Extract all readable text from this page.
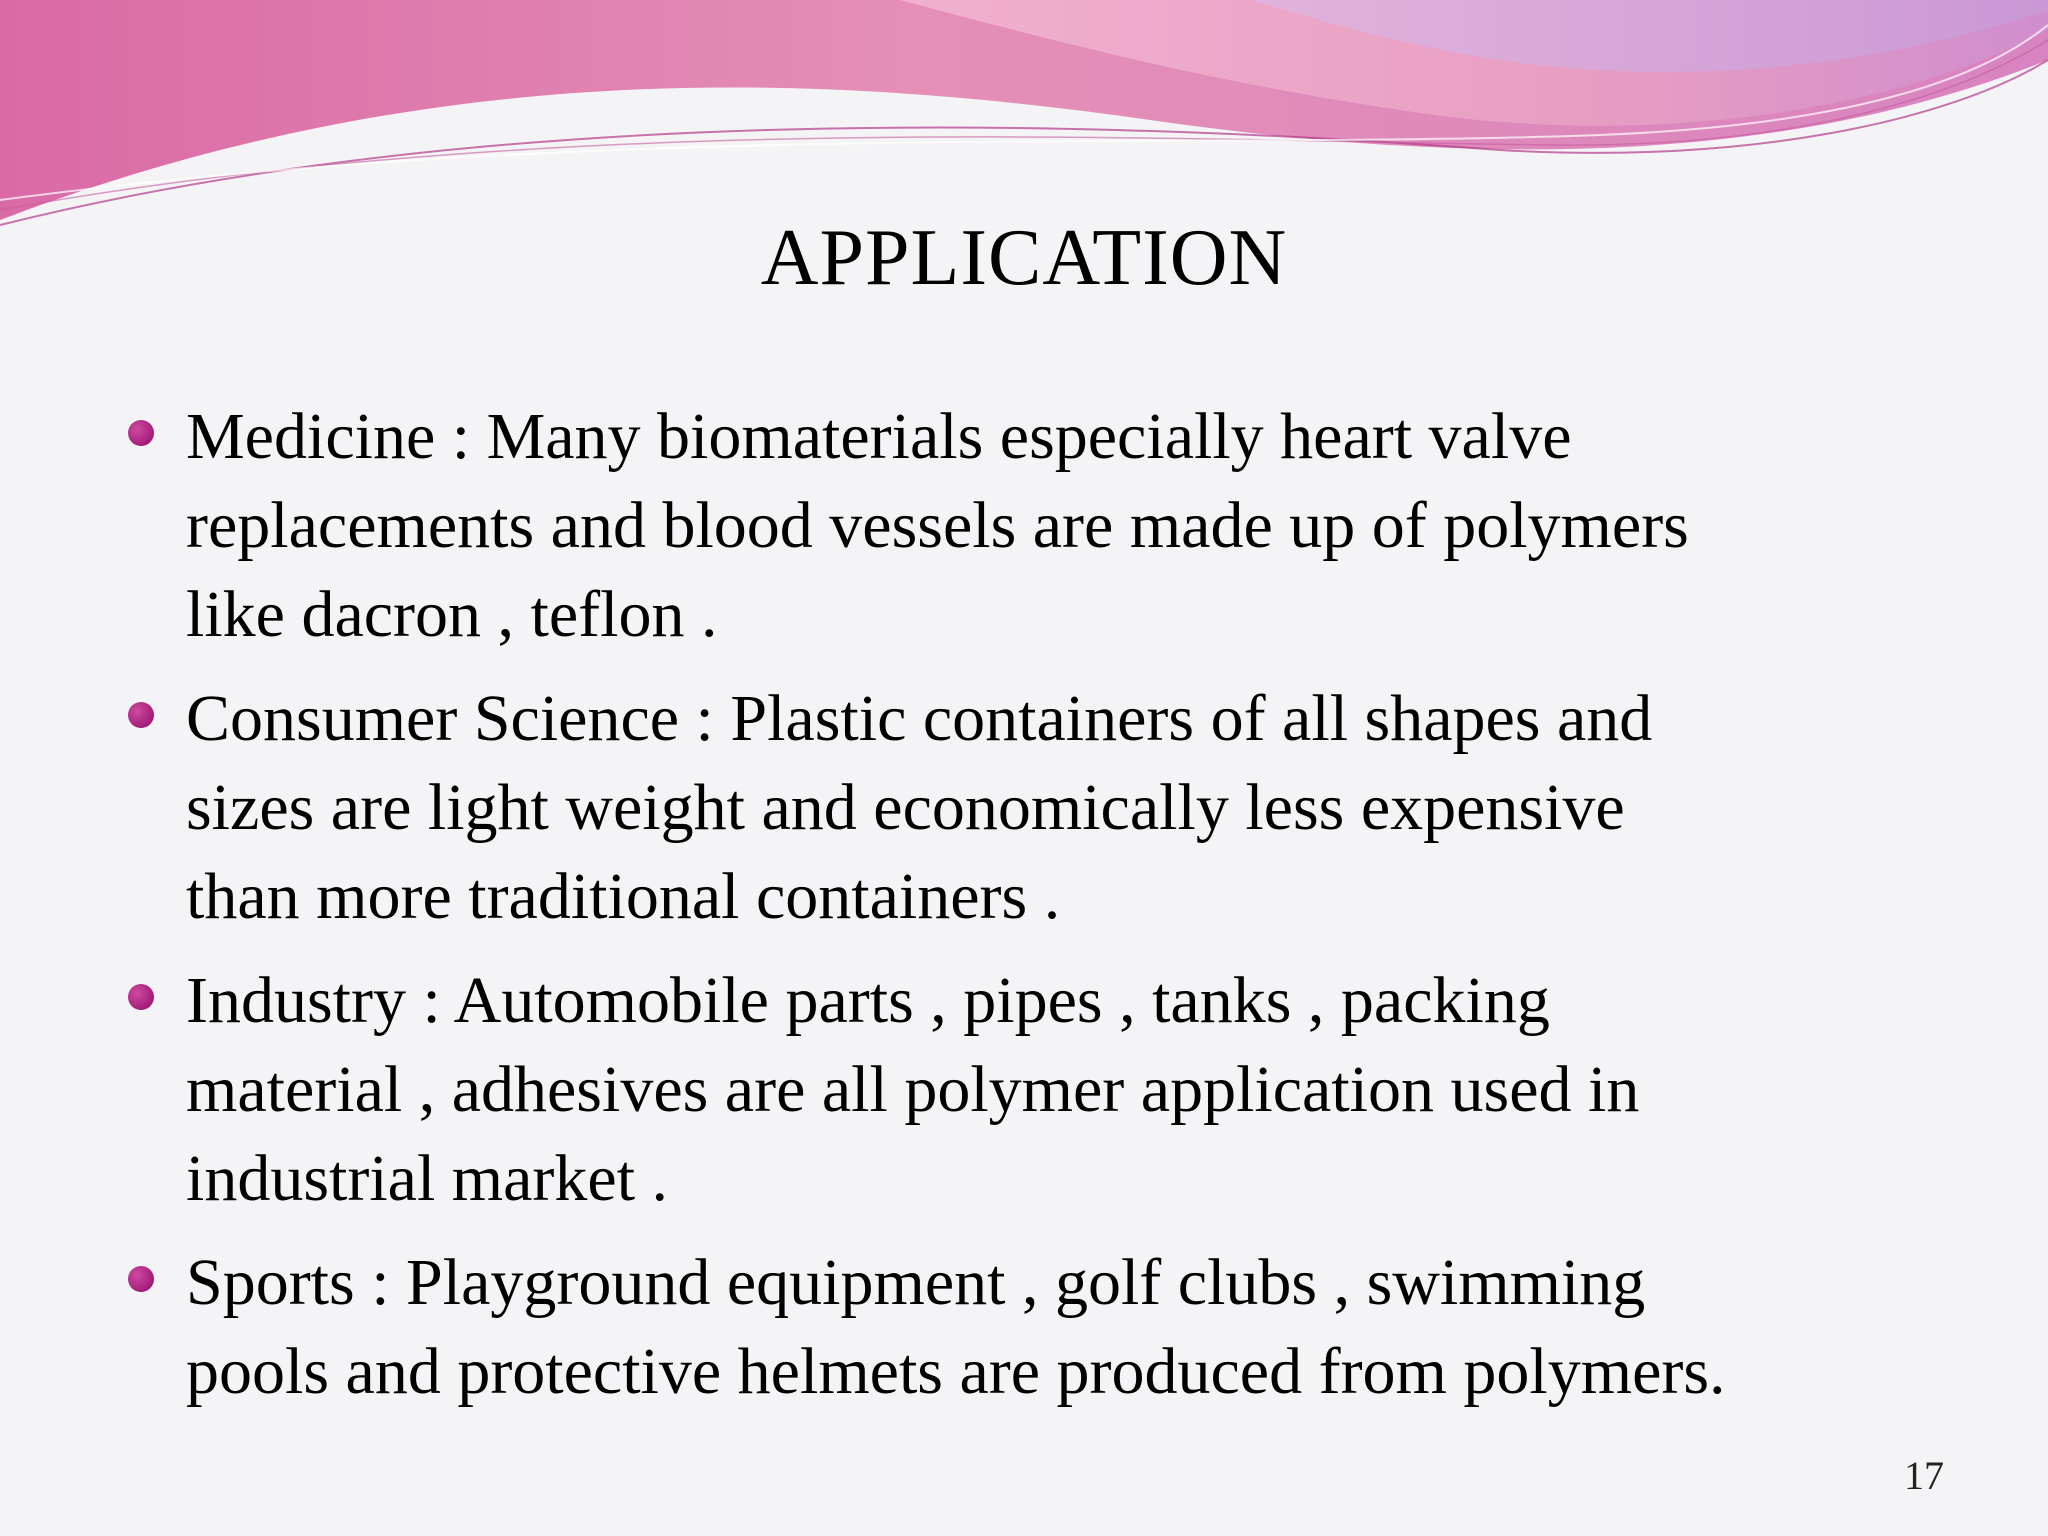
APPLICATION
Medicine : Many biomaterials especially heart valve
replacements and blood vessels are made up of polymers
like dacron , teflon .
Consumer Science : Plastic containers of all shapes and
sizes are light weight and economically less expensive
than more traditional containers .
Industry : Automobile parts , pipes , tanks , packing
material , adhesives are all polymer application used in
industrial market .
Sports : Playground equipment , golf clubs , swimming
pools and protective helmets are produced from polymers.
17
